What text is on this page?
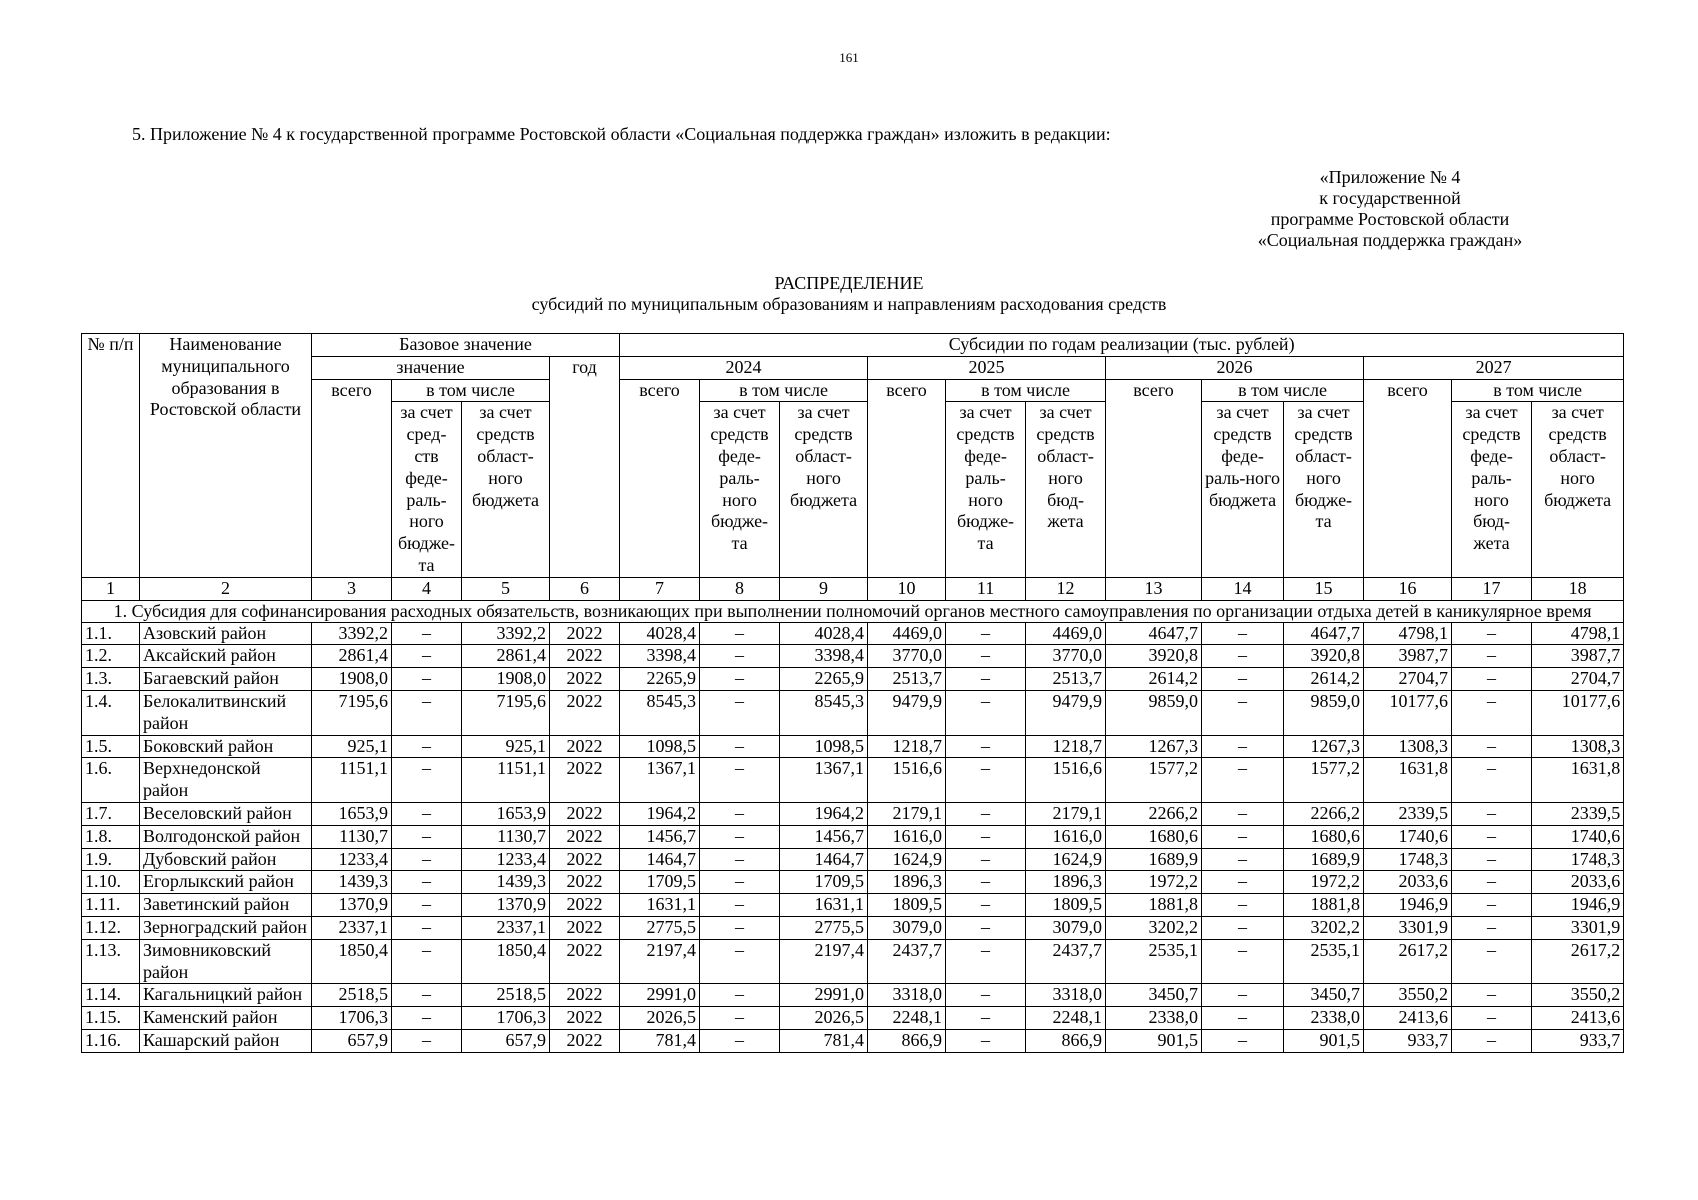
161
5. Приложение № 4 к государственной программе Ростовской области «Социальная поддержка граждан» изложить в редакции:
«Приложение № 4
к государственной
программе Ростовской области
«Социальная поддержка граждан»
РАСПРЕДЕЛЕНИЕ
субсидий по муниципальным образованиям и направлениям расходования средств
№ п/п	Наименование муниципального образования в Ростовской области	Базовое значение				Субсидии по годам реализации (тыс. рублей)											
		значение			год	2024			2025			2026			2027		
		всего	в том числе			всего	в том числе		всего	в том числе		всего	в том числе		всего	в том числе	
			за счет сред-ств феде-раль-ного бюдже-та	за счет средств област-ного бюджета			за счет средств феде-раль-ного бюдже-та	за счет средств област-ного бюджета		за счет средств феде-раль-ного бюдже-та	за счет средств област-ного бюд-жета		за счет средств феде-раль-ного бюджета	за счет средств област-ного бюдже-та		за счет средств феде-раль-ного бюд-жета	за счет средств област-ного бюджета
1	2	3	4	5	6	7	8	9	10	11	12	13	14	15	16	17	18
1. Субсидия для софинансирования расходных обязательств, возникающих при выполнении полномочий органов местного самоуправления по организации отдыха детей в каникулярное время																	
1.1.	Азовский район	3392,2	–	3392,2	2022	4028,4	–	4028,4	4469,0	–	4469,0	4647,7	–	4647,7	4798,1	–	4798,1
1.2.	Аксайский район	2861,4	–	2861,4	2022	3398,4	–	3398,4	3770,0	–	3770,0	3920,8	–	3920,8	3987,7	–	3987,7
1.3.	Багаевский район	1908,0	–	1908,0	2022	2265,9	–	2265,9	2513,7	–	2513,7	2614,2	–	2614,2	2704,7	–	2704,7
1.4.	Белокалитвинский район	7195,6	–	7195,6	2022	8545,3	–	8545,3	9479,9	–	9479,9	9859,0	–	9859,0	10177,6	–	10177,6
1.5.	Боковский район	925,1	–	925,1	2022	1098,5	–	1098,5	1218,7	–	1218,7	1267,3	–	1267,3	1308,3	–	1308,3
1.6.	Верхнедонской район	1151,1	–	1151,1	2022	1367,1	–	1367,1	1516,6	–	1516,6	1577,2	–	1577,2	1631,8	–	1631,8
1.7.	Веселовский район	1653,9	–	1653,9	2022	1964,2	–	1964,2	2179,1	–	2179,1	2266,2	–	2266,2	2339,5	–	2339,5
1.8.	Волгодонской район	1130,7	–	1130,7	2022	1456,7	–	1456,7	1616,0	–	1616,0	1680,6	–	1680,6	1740,6	–	1740,6
1.9.	Дубовский район	1233,4	–	1233,4	2022	1464,7	–	1464,7	1624,9	–	1624,9	1689,9	–	1689,9	1748,3	–	1748,3
1.10.	Егорлыкский район	1439,3	–	1439,3	2022	1709,5	–	1709,5	1896,3	–	1896,3	1972,2	–	1972,2	2033,6	–	2033,6
1.11.	Заветинский район	1370,9	–	1370,9	2022	1631,1	–	1631,1	1809,5	–	1809,5	1881,8	–	1881,8	1946,9	–	1946,9
1.12.	Зерноградский район	2337,1	–	2337,1	2022	2775,5	–	2775,5	3079,0	–	3079,0	3202,2	–	3202,2	3301,9	–	3301,9
1.13.	Зимовниковский район	1850,4	–	1850,4	2022	2197,4	–	2197,4	2437,7	–	2437,7	2535,1	–	2535,1	2617,2	–	2617,2
1.14.	Кагальницкий район	2518,5	–	2518,5	2022	2991,0	–	2991,0	3318,0	–	3318,0	3450,7	–	3450,7	3550,2	–	3550,2
1.15.	Каменский район	1706,3	–	1706,3	2022	2026,5	–	2026,5	2248,1	–	2248,1	2338,0	–	2338,0	2413,6	–	2413,6
1.16.	Кашарский район	657,9	–	657,9	2022	781,4	–	781,4	866,9	–	866,9	901,5	–	901,5	933,7	–	933,7
